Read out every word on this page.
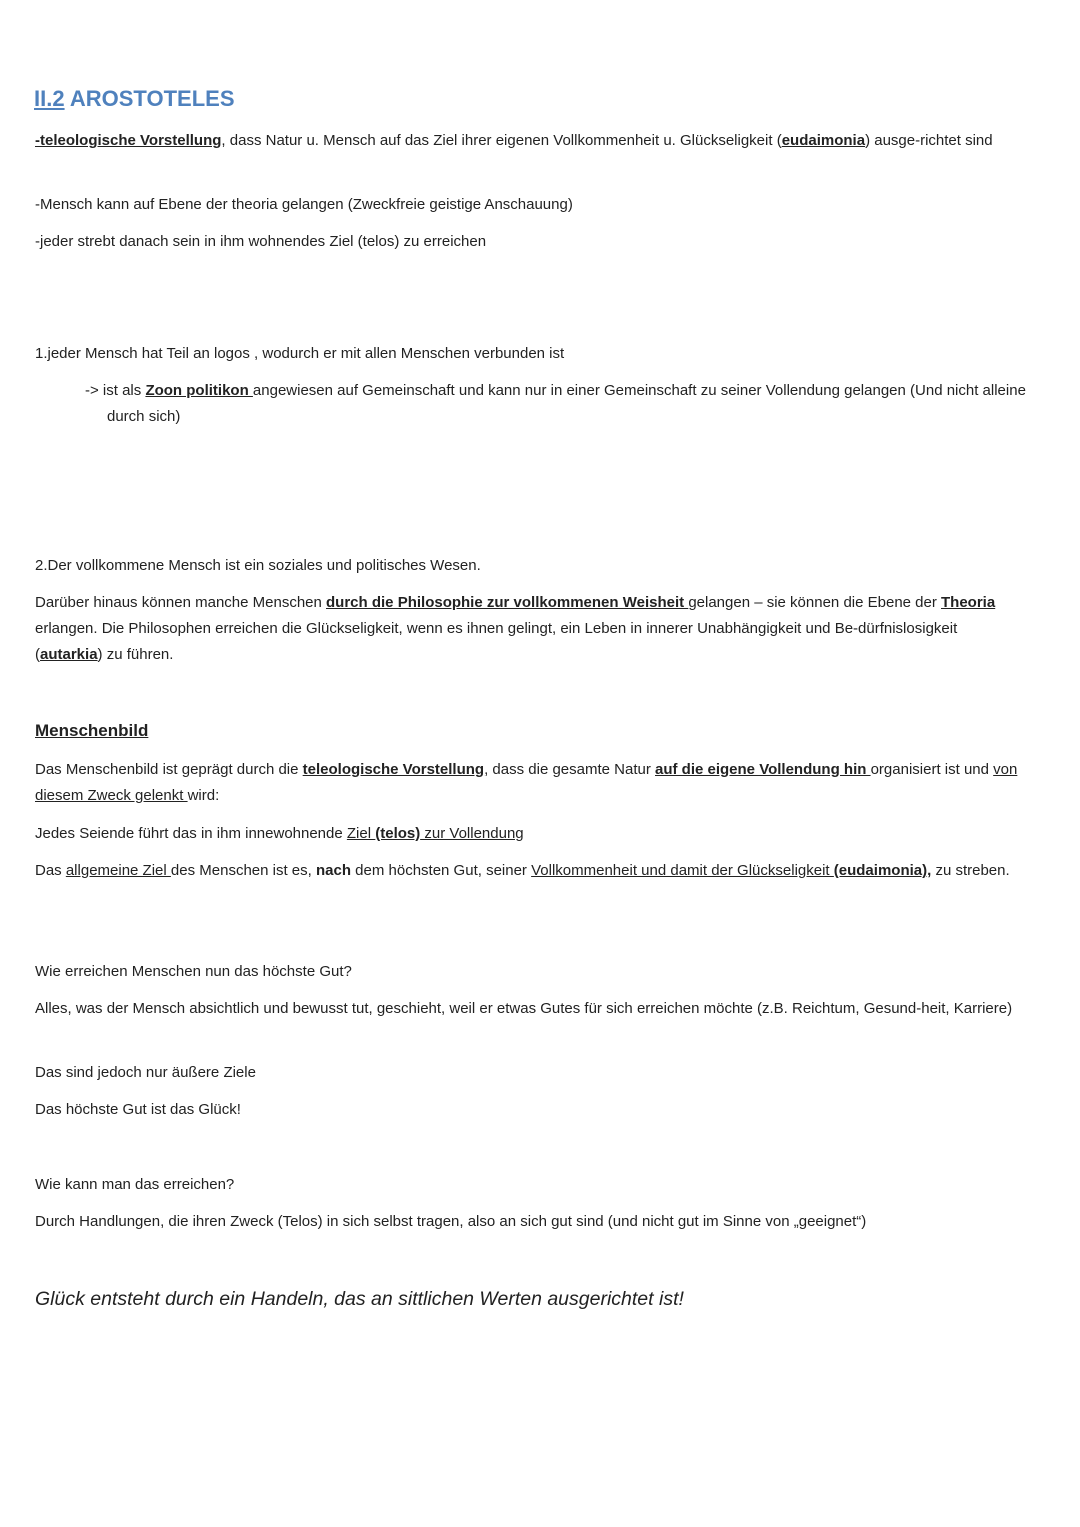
II.2 AROSTOTELES

-teleologische Vorstellung, dass Natur u. Mensch auf das Ziel ihrer eigenen Vollkommenheit u. Glückseligkeit (eudaimonia) ausge-richtet sind

-Mensch kann auf Ebene der theoria gelangen (Zweckfreie geistige Anschauung)

-jeder strebt danach sein in ihm wohnendes Ziel (telos) zu erreichen

1.jeder Mensch hat Teil an logos , wodurch er mit allen Menschen verbunden ist

-> ist als Zoon politikon angewiesen auf Gemeinschaft und kann nur in einer Gemeinschaft zu seiner Vollendung gelangen (Und nicht alleine durch sich)

2.Der vollkommene Mensch ist ein soziales und politisches Wesen.

Darüber hinaus können manche Menschen durch die Philosophie zur vollkommenen Weisheit gelangen – sie können die Ebene der Theoria erlangen. Die Philosophen erreichen die Glückseligkeit, wenn es ihnen gelingt, ein Leben in innerer Unabhängigkeit und Be-dürfnislosigkeit (autarkia) zu führen.

Menschenbild

Das Menschenbild ist geprägt durch die teleologische Vorstellung, dass die gesamte Natur auf die eigene Vollendung hin organisiert ist und von diesem Zweck gelenkt wird:

Jedes Seiende führt das in ihm innewohnende Ziel (telos) zur Vollendung

Das allgemeine Ziel des Menschen ist es, nach dem höchsten Gut, seiner Vollkommenheit und damit der Glückseligkeit (eudaimonia), zu streben.

Wie erreichen Menschen nun das höchste Gut?

Alles, was der Mensch absichtlich und bewusst tut, geschieht, weil er etwas Gutes für sich erreichen möchte (z.B. Reichtum, Gesund-heit, Karriere)

Das sind jedoch nur äußere Ziele

Das höchste Gut ist das Glück!

Wie kann man das erreichen?

Durch Handlungen, die ihren Zweck (Telos) in sich selbst tragen, also an sich gut sind (und nicht gut im Sinne von „geeignet“)

Glück entsteht durch ein Handeln, das an sittlichen Werten ausgerichtet ist!
